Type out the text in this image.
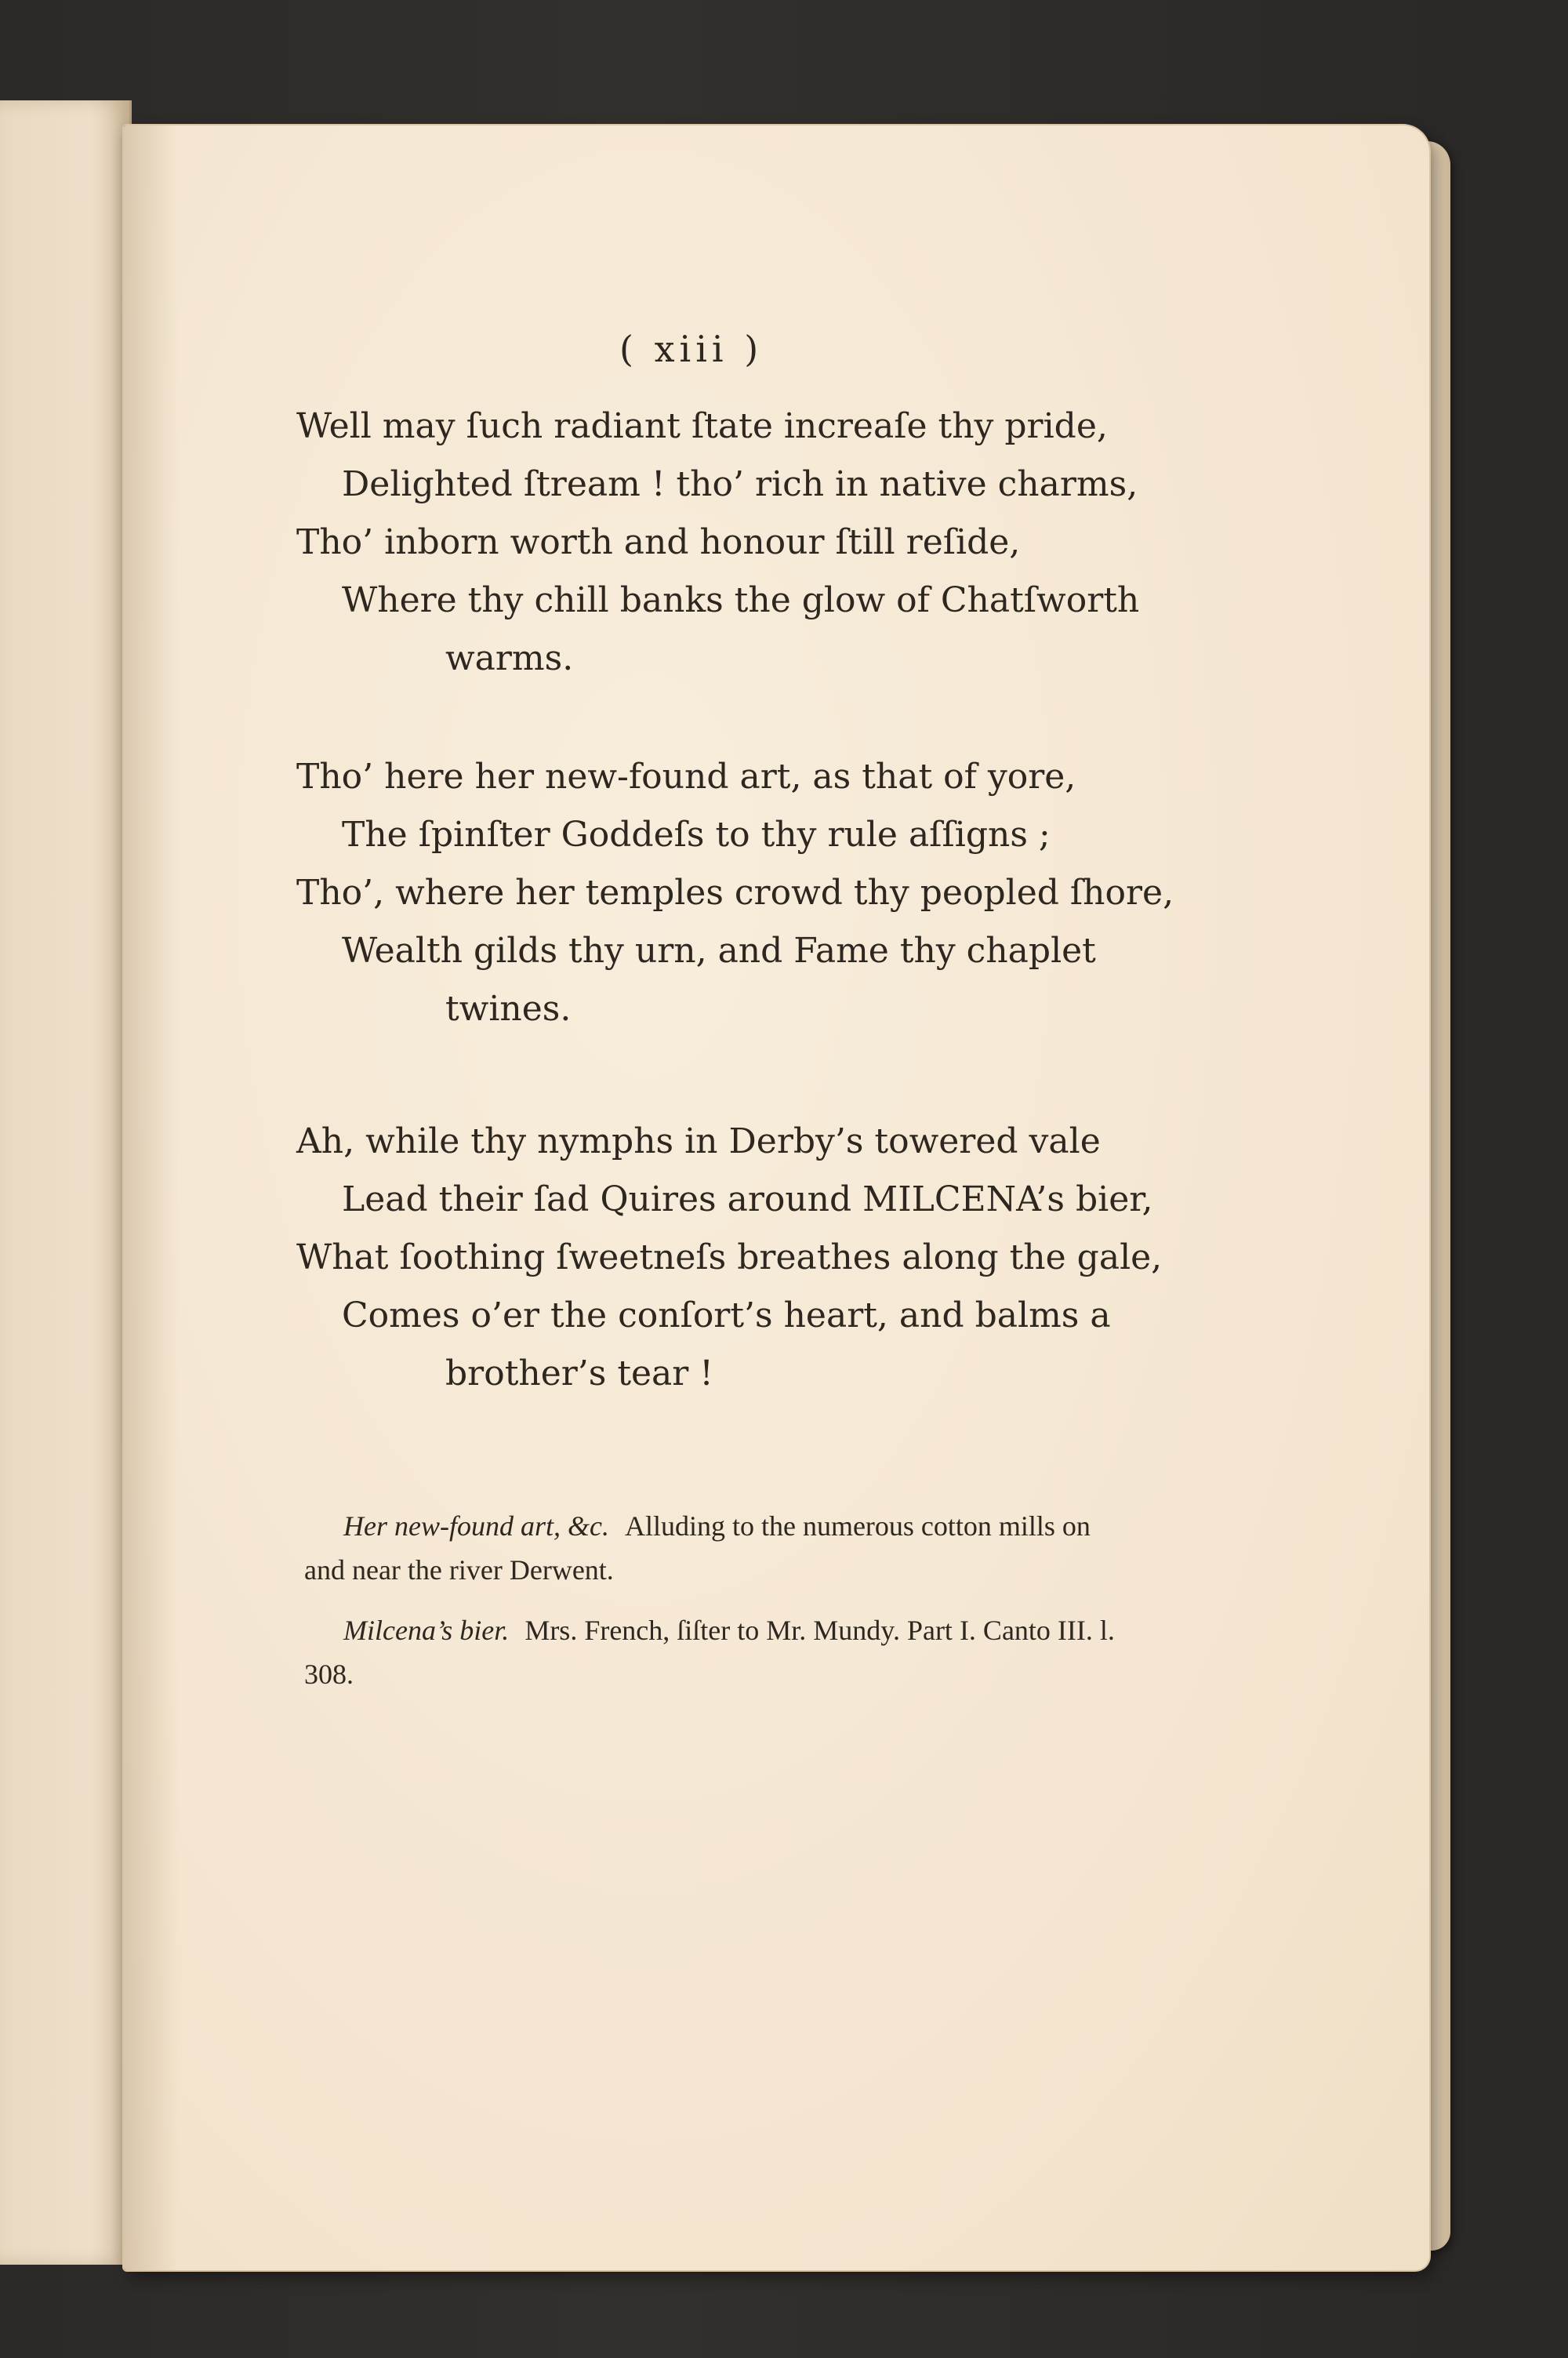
( xiii )
Well may ſuch radiant ſtate increaſe thy pride,
Delighted ſtream ! tho’ rich in native charms,
Tho’ inborn worth and honour ſtill reſide,
Where thy chill banks the glow of Chatſworth
warms.
Tho’ here her new-found art, as that of yore,
The ſpinſter Goddeſs to thy rule aſſigns ;
Tho’, where her temples crowd thy peopled ſhore,
Wealth gilds thy urn, and Fame thy chaplet
twines.
Ah, while thy nymphs in Derby’s towered vale
Lead their ſad Quires around MILCENA’s bier,
What ſoothing ſweetneſs breathes along the gale,
Comes o’er the conſort’s heart, and balms a
brother’s tear !
Her new-found art, &c. Alluding to the numerous cotton mills on and near the river Derwent.
Milcena’s bier. Mrs. French, ſiſter to Mr. Mundy. Part I. Canto III. l. 308.
